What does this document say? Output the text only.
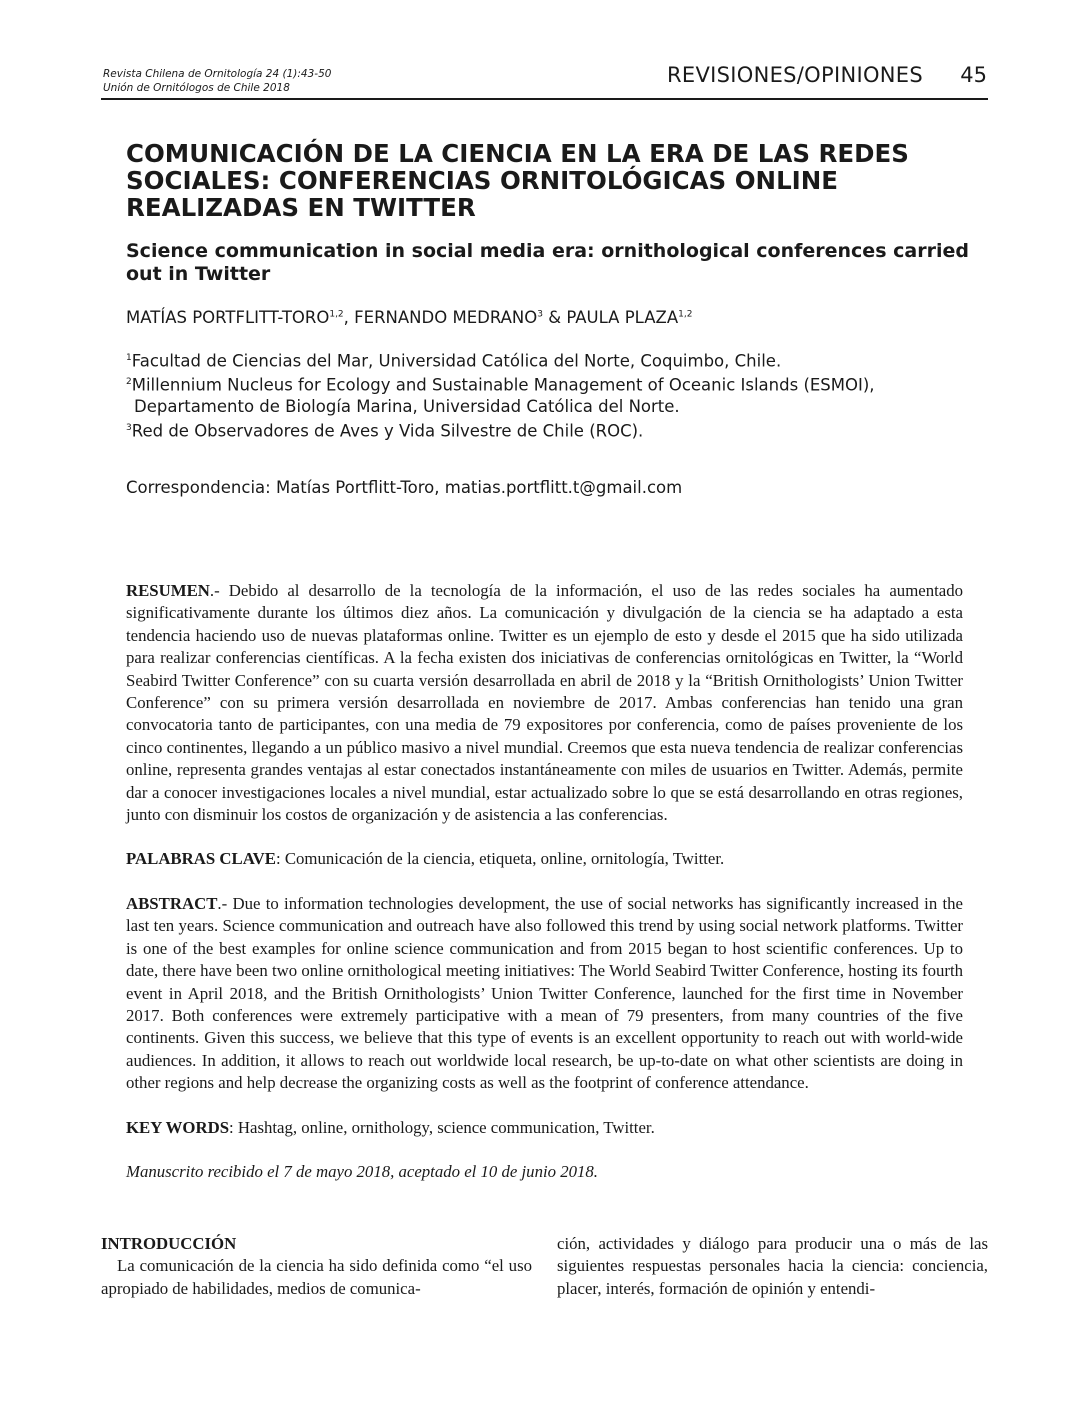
Revista Chilena de Ornitología 24 (1):43-50
Unión de Ornitólogos de Chile 2018
REVISIONES/OPINIONES 45
COMUNICACIÓN DE LA CIENCIA EN LA ERA DE LAS REDES SOCIALES: CONFERENCIAS ORNITOLÓGICAS ONLINE REALIZADAS EN TWITTER
Science communication in social media era: ornithological conferences carried out in Twitter
MATÍAS PORTFLITT-TORO$^{1,2}$, FERNANDO MEDRANO$^3$ & PAULA PLAZA$^{1,2}$
$^1$Facultad de Ciencias del Mar, Universidad Católica del Norte, Coquimbo, Chile.
$^2$Millennium Nucleus for Ecology and Sustainable Management of Oceanic Islands (ESMOI),
Departamento de Biología Marina, Universidad Católica del Norte.
$^3$Red de Observadores de Aves y Vida Silvestre de Chile (ROC).
Correspondencia: Matías Portflitt-Toro, matias.portflitt.t@gmail.com

RESUMEN.- Debido al desarrollo de la tecnología de la información, el uso de las redes sociales ha aumentado significativamente durante los últimos diez años. La comunicación y divulgación de la ciencia se ha adaptado a esta tendencia haciendo uso de nuevas plataformas online. Twitter es un ejemplo de esto y desde el 2015 que ha sido utilizada para realizar conferencias científicas. A la fecha existen dos iniciativas de conferencias ornitológicas en Twitter, la “World Seabird Twitter Conference” con su cuarta versión desarrollada en abril de 2018 y la “British Ornithologists’ Union Twitter Conference” con su primera versión desarrollada en noviembre de 2017. Ambas conferencias han tenido una gran convocatoria tanto de participantes, con una media de 79 expositores por conferencia, como de países proveniente de los cinco continentes, llegando a un público masivo a nivel mundial. Creemos que esta nueva tendencia de realizar conferencias online, representa grandes ventajas al estar conectados instantáneamente con miles de usuarios en Twitter. Además, permite dar a conocer investigaciones locales a nivel mundial, estar actualizado sobre lo que se está desarrollando en otras regiones, junto con disminuir los costos de organización y de asistencia a las conferencias.

PALABRAS CLAVE: Comunicación de la ciencia, etiqueta, online, ornitología, Twitter.

ABSTRACT.- Due to information technologies development, the use of social networks has significantly increased in the last ten years. Science communication and outreach have also followed this trend by using social network platforms. Twitter is one of the best examples for online science communication and from 2015 began to host scientific conferences. Up to date, there have been two online ornithological meeting initiatives: The World Seabird Twitter Conference, hosting its fourth event in April 2018, and the British Ornithologists’ Union Twitter Conference, launched for the first time in November 2017. Both conferences were extremely participative with a mean of 79 presenters, from many countries of the five continents. Given this success, we believe that this type of events is an excellent opportunity to reach out with world-wide audiences. In addition, it allows to reach out worldwide local research, be up-to-date on what other scientists are doing in other regions and help decrease the organizing costs as well as the footprint of conference attendance.

KEY WORDS: Hashtag, online, ornithology, science communication, Twitter.

Manuscrito recibido el 7 de mayo 2018, aceptado el 10 de junio 2018.
INTRODUCCIÓN

La comunicación de la ciencia ha sido definida como “el uso apropiado de habilidades, medios de comunica-

ción, actividades y diálogo para producir una o más de las siguientes respuestas personales hacia la ciencia: conciencia, placer, interés, formación de opinión y entendi-
